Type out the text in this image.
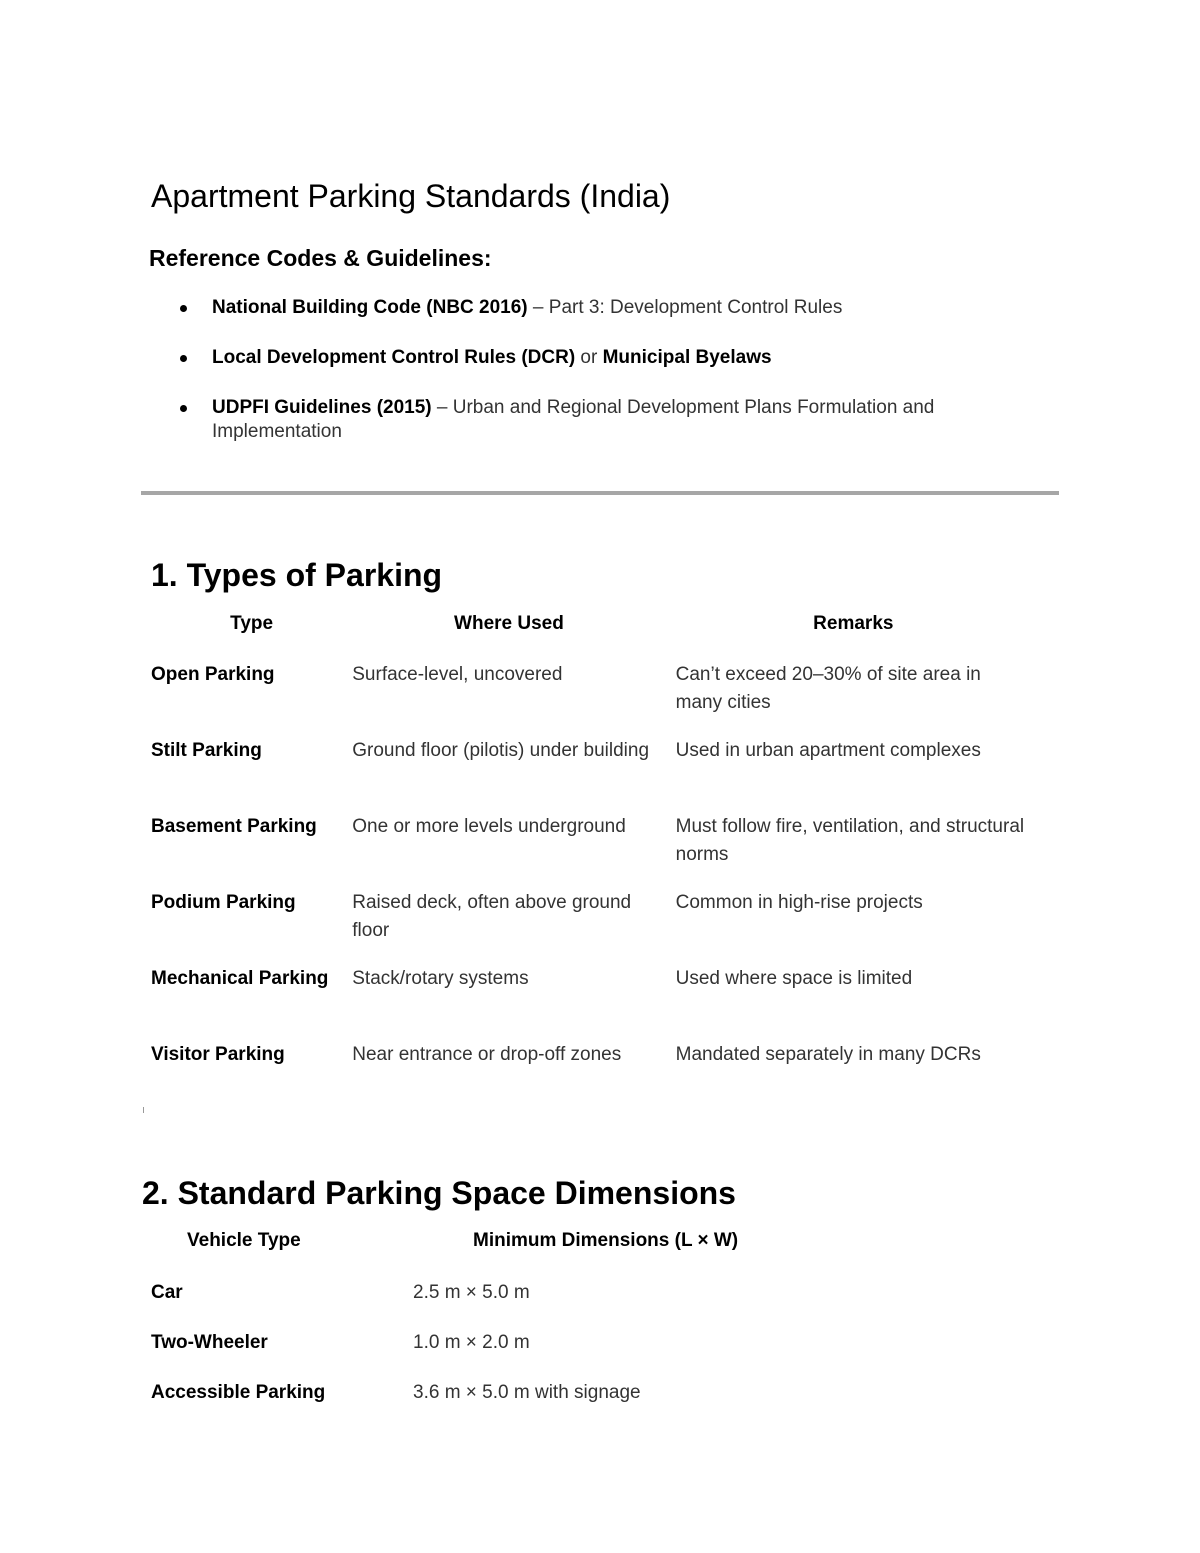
Apartment Parking Standards (India)
Reference Codes & Guidelines:
National Building Code (NBC 2016) – Part 3: Development Control Rules
Local Development Control Rules (DCR) or Municipal Byelaws
UDPFI Guidelines (2015) – Urban and Regional Development Plans Formulation and Implementation
1. Types of Parking
Type	Where Used	Remarks
Open Parking	Surface-level, uncovered	Can’t exceed 20–30% of site area in many cities
Stilt Parking	Ground floor (pilotis) under building	Used in urban apartment complexes
Basement Parking	One or more levels underground	Must follow fire, ventilation, and structural norms
Podium Parking	Raised deck, often above ground floor	Common in high-rise projects
Mechanical Parking	Stack/rotary systems	Used where space is limited
Visitor Parking	Near entrance or drop-off zones	Mandated separately in many DCRs
2. Standard Parking Space Dimensions
Vehicle Type	Minimum Dimensions (L × W)
Car	2.5 m × 5.0 m
Two-Wheeler	1.0 m × 2.0 m
Accessible Parking	3.6 m × 5.0 m with signage
